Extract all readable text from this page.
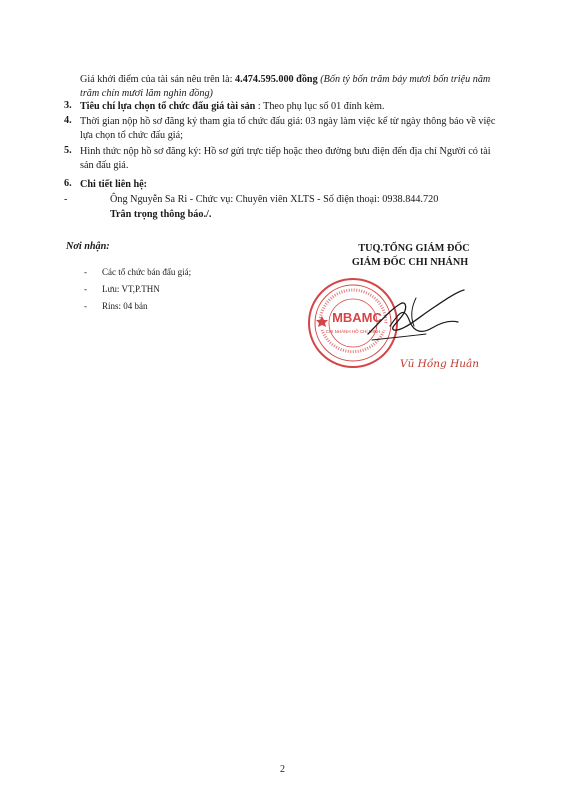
Giá khởi điểm của tài sản nêu trên là: 4.474.595.000 đồng (Bốn tỷ bốn trăm bảy mươi bốn triệu năm
trăm chín mươi lăm nghìn đồng)
3. Tiêu chí lựa chọn tổ chức đấu giá tài sản : Theo phụ lục số 01 đính kèm.
4. Thời gian nộp hồ sơ đăng ký tham gia tổ chức đấu giá: 03 ngày làm việc kể từ ngày thông báo về việc
lựa chọn tổ chức đấu giá;
5. Hình thức nộp hồ sơ đăng ký: Hồ sơ gửi trực tiếp hoặc theo đường bưu điện đến địa chỉ Người có tài
sản đấu giá.
6. Chi tiết liên hệ:
-	Ông Nguyễn Sa Ri - Chức vụ: Chuyên viên XLTS - Số điện thoại: 0938.844.720
Trân trọng thông báo./.
Nơi nhận:
- Các tổ chức bán đấu giá;
- Lưu: VT,P.THN
- Rins: 04 bản
TUQ.TỔNG GIÁM ĐỐC
GIÁM ĐỐC CHI NHÁNH
MBAMC
CHI NHÁNH HỒ CHÍ MINH
Vũ Hồng Huân
2
